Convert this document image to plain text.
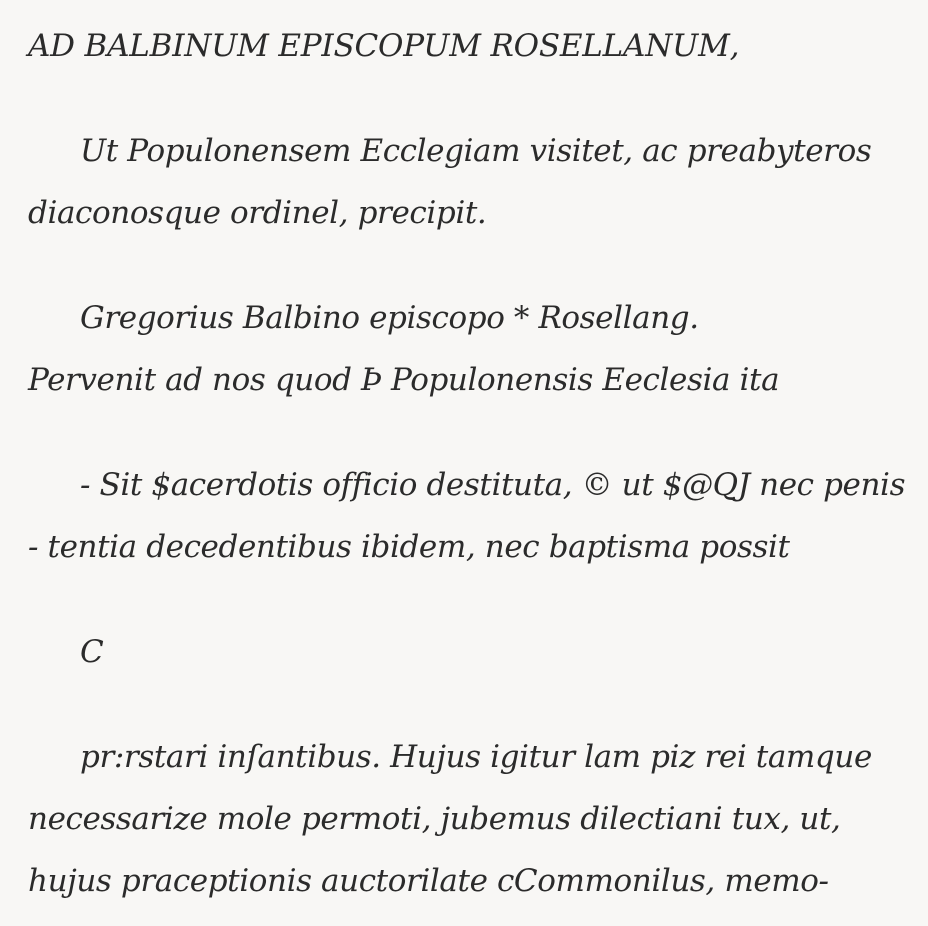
AD BALBINUM EPISCOPUM ROSELLANUM,
Ut Populonensem Ecclegiam visitet, ac preabyteros
diaconosque ordinel, precipit.
Gregorius Balbino episcopo * Rosellang.
Pervenit ad nos quod Þ Populonensis Eeclesia ita
- Sit $acerdotis officio destituta, © ut $@QJ nec penis
- tentia decedentibus ibidem, nec baptisma possit
C
pr:rstari inſantibus. Hujus igitur lam piz rei tamque
necessarize mole permoti, jubemus dilectiani tux, ut,
hujus praceptionis auctorilate cCommonilus, memo-
